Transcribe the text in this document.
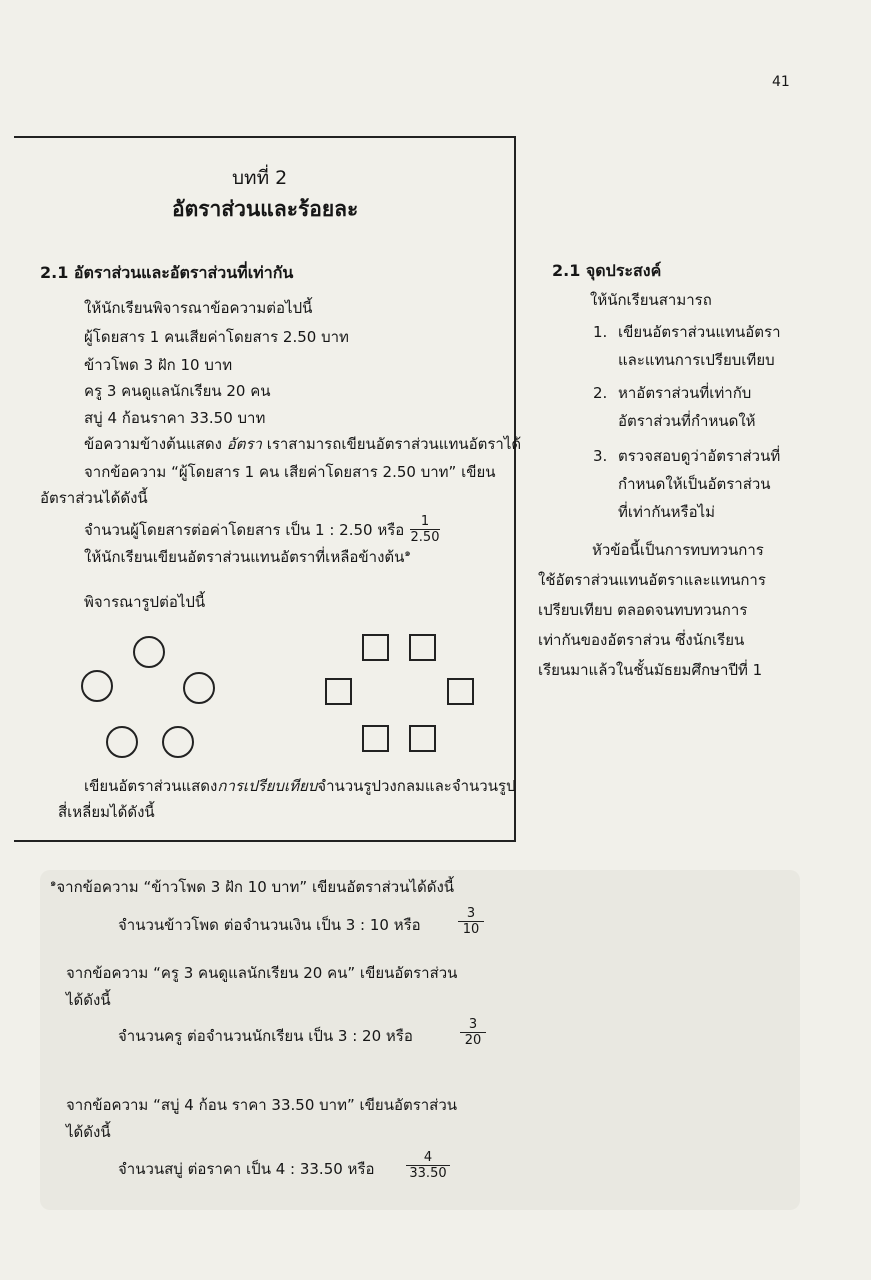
41
บทที่ 2
อัตราส่วนและร้อยละ
2.1 อัตราส่วนและอัตราส่วนที่เท่ากัน
ให้นักเรียนพิจารณาข้อความต่อไปนี้
ผู้โดยสาร 1 คนเสียค่าโดยสาร 2.50 บาท
ข้าวโพด 3 ฝัก 10 บาท
ครู 3 คนดูแลนักเรียน 20 คน
สบู่ 4 ก้อนราคา 33.50 บาท
ข้อความข้างต้นแสดง อัตรา เราสามารถเขียนอัตราส่วนแทนอัตราได้
จากข้อความ “ผู้โดยสาร 1 คน เสียค่าโดยสาร 2.50 บาท” เขียน
อัตราส่วนได้ดังนี้
จำนวนผู้โดยสารต่อค่าโดยสาร เป็น 1 : 2.50 หรือ $\frac{1}{2.50}$
ให้นักเรียนเขียนอัตราส่วนแทนอัตราที่เหลือข้างต้น$^๑$
พิจารณารูปต่อไปนี้
เขียนอัตราส่วนแสดงการเปรียบเทียบจำนวนรูปวงกลมและจำนวนรูป
สี่เหลี่ยมได้ดังนี้
2.1 จุดประสงค์
ให้นักเรียนสามารถ
1. เขียนอัตราส่วนแทนอัตรา
และแทนการเปรียบเทียบ
2. หาอัตราส่วนที่เท่ากับ
อัตราส่วนที่กำหนดให้
3. ตรวจสอบดูว่าอัตราส่วนที่
กำหนดให้เป็นอัตราส่วน
ที่เท่ากันหรือไม่
หัวข้อนี้เป็นการทบทวนการ
ใช้อัตราส่วนแทนอัตราและแทนการ
เปรียบเทียบ ตลอดจนทบทวนการ
เท่ากันของอัตราส่วน ซึ่งนักเรียน
เรียนมาแล้วในชั้นมัธยมศึกษาปีที่ 1
$^๑$จากข้อความ “ข้าวโพด 3 ฝัก 10 บาท” เขียนอัตราส่วนได้ดังนี้
จำนวนข้าวโพด ต่อจำนวนเงิน เป็น 3 : 10 หรือ	$\frac{3}{10}$
จากข้อความ “ครู 3 คนดูแลนักเรียน 20 คน” เขียนอัตราส่วน
ได้ดังนี้
จำนวนครู ต่อจำนวนนักเรียน เป็น 3 : 20 หรือ	$\frac{3}{20}$
จากข้อความ “สบู่ 4 ก้อน ราคา 33.50 บาท” เขียนอัตราส่วน
ได้ดังนี้
จำนวนสบู่ ต่อราคา เป็น 4 : 33.50 หรือ $\frac{4}{33.50}$
